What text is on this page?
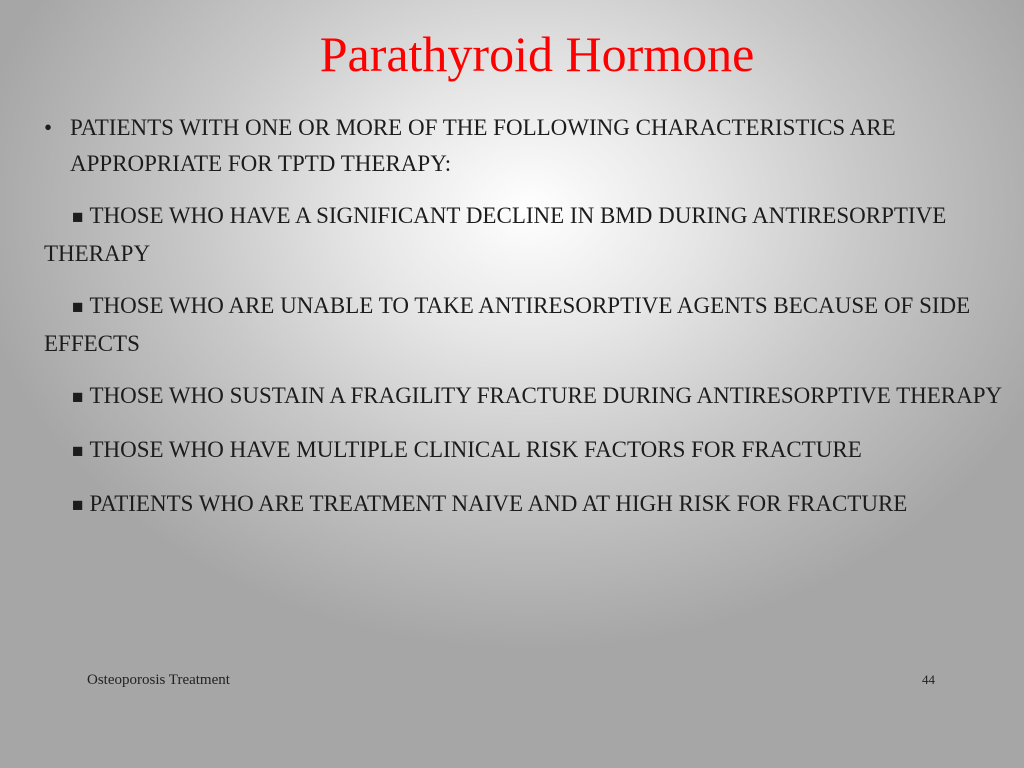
Parathyroid Hormone
• PATIENTS WITH ONE OR MORE OF THE FOLLOWING CHARACTERISTICS ARE APPROPRIATE FOR TPTD THERAPY:
■ THOSE WHO HAVE A SIGNIFICANT DECLINE IN BMD DURING ANTIRESORPTIVE THERAPY
■ THOSE WHO ARE UNABLE TO TAKE ANTIRESORPTIVE AGENTS BECAUSE OF SIDE EFFECTS
■ THOSE WHO SUSTAIN A FRAGILITY FRACTURE DURING ANTIRESORPTIVE THERAPY
■ THOSE WHO HAVE MULTIPLE CLINICAL RISK FACTORS FOR FRACTURE
■ PATIENTS WHO ARE TREATMENT NAIVE AND AT HIGH RISK FOR FRACTURE
Osteoporosis Treatment	44
